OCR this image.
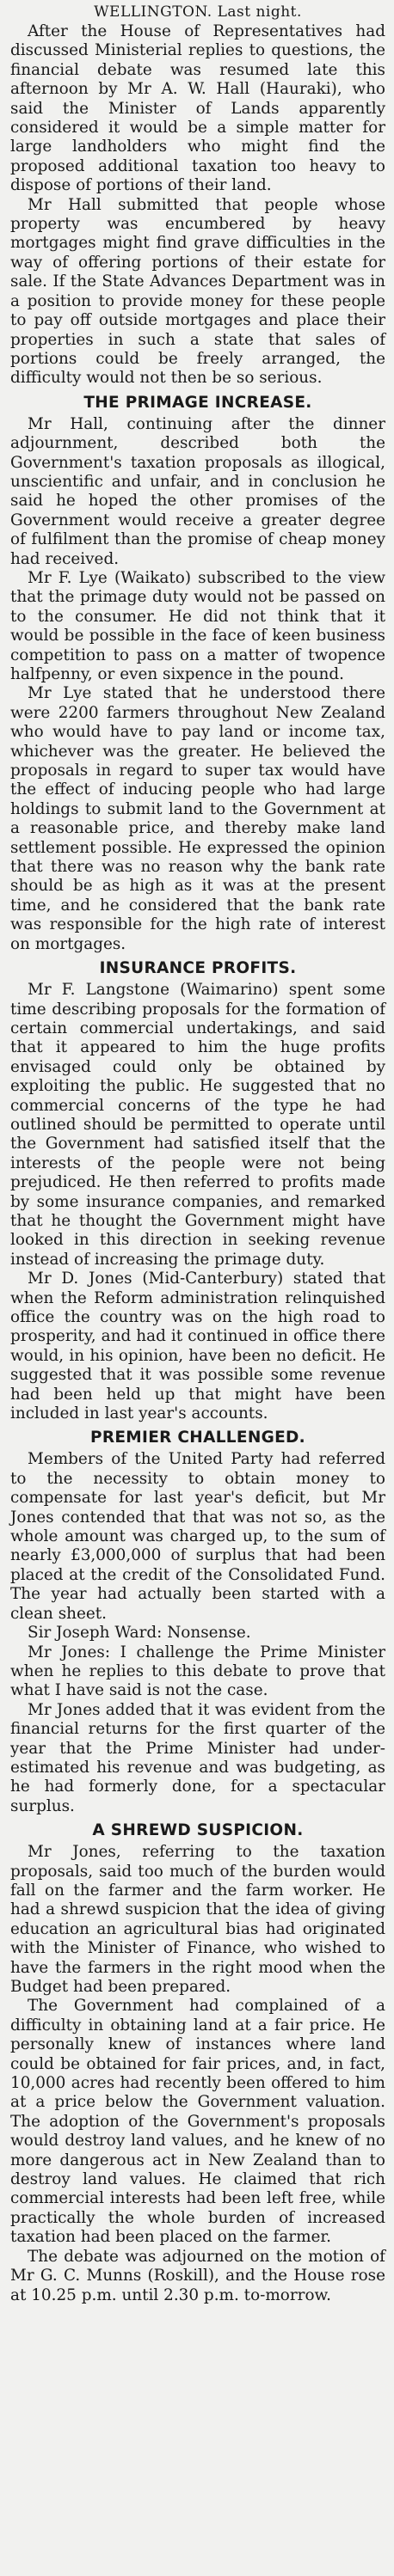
WELLINGTON. Last night.

After the House of Representatives had discussed Ministerial replies to questions, the financial debate was resumed late this afternoon by Mr A. W. Hall (Hauraki), who said the Minister of Lands apparently considered it would be a simple matter for large landholders who might find the proposed additional taxation too heavy to dispose of portions of their land.

Mr Hall submitted that people whose property was encumbered by heavy mortgages might find grave difficulties in the way of offering portions of their estate for sale. If the State Advances Department was in a position to provide money for these people to pay off outside mortgages and place their properties in such a state that sales of portions could be freely arranged, the difficulty would not then be so serious.

THE PRIMAGE INCREASE.

Mr Hall, continuing after the dinner adjournment, described both the Government's taxation proposals as illogical, unscientific and unfair, and in conclusion he said he hoped the other promises of the Government would receive a greater degree of fulfilment than the promise of cheap money had received.

Mr F. Lye (Waikato) subscribed to the view that the primage duty would not be passed on to the consumer. He did not think that it would be possible in the face of keen business competition to pass on a matter of twopence halfpenny, or even sixpence in the pound.

Mr Lye stated that he understood there were 2200 farmers throughout New Zealand who would have to pay land or income tax, whichever was the greater. He believed the proposals in regard to super tax would have the effect of inducing people who had large holdings to submit land to the Government at a reasonable price, and thereby make land settlement possible. He expressed the opinion that there was no reason why the bank rate should be as high as it was at the present time, and he considered that the bank rate was responsible for the high rate of interest on mortgages.

INSURANCE PROFITS.

Mr F. Langstone (Waimarino) spent some time describing proposals for the formation of certain commercial undertakings, and said that it appeared to him the huge profits envisaged could only be obtained by exploiting the public. He suggested that no commercial concerns of the type he had outlined should be permitted to operate until the Government had satisfied itself that the interests of the people were not being prejudiced. He then referred to profits made by some insurance companies, and remarked that he thought the Government might have looked in this direction in seeking revenue instead of increasing the primage duty.

Mr D. Jones (Mid-Canterbury) stated that when the Reform administration relinquished office the country was on the high road to prosperity, and had it continued in office there would, in his opinion, have been no deficit. He suggested that it was possible some revenue had been held up that might have been included in last year's accounts.

PREMIER CHALLENGED.

Members of the United Party had referred to the necessity to obtain money to compensate for last year's deficit, but Mr Jones contended that that was not so, as the whole amount was charged up, to the sum of nearly £3,000,000 of surplus that had been placed at the credit of the Consolidated Fund. The year had actually been started with a clean sheet.

Sir Joseph Ward: Nonsense.

Mr Jones: I challenge the Prime Minister when he replies to this debate to prove that what I have said is not the case.

Mr Jones added that it was evident from the financial returns for the first quarter of the year that the Prime Minister had under-estimated his revenue and was budgeting, as he had formerly done, for a spectacular surplus.

A SHREWD SUSPICION.

Mr Jones, referring to the taxation proposals, said too much of the burden would fall on the farmer and the farm worker. He had a shrewd suspicion that the idea of giving education an agricultural bias had originated with the Minister of Finance, who wished to have the farmers in the right mood when the Budget had been prepared.

The Government had complained of a difficulty in obtaining land at a fair price. He personally knew of instances where land could be obtained for fair prices, and, in fact, 10,000 acres had recently been offered to him at a price below the Government valuation. The adoption of the Government's proposals would destroy land values, and he knew of no more dangerous act in New Zealand than to destroy land values. He claimed that rich commercial interests had been left free, while practically the whole burden of increased taxation had been placed on the farmer.

The debate was adjourned on the motion of Mr G. C. Munns (Roskill), and the House rose at 10.25 p.m. until 2.30 p.m. to-morrow.
